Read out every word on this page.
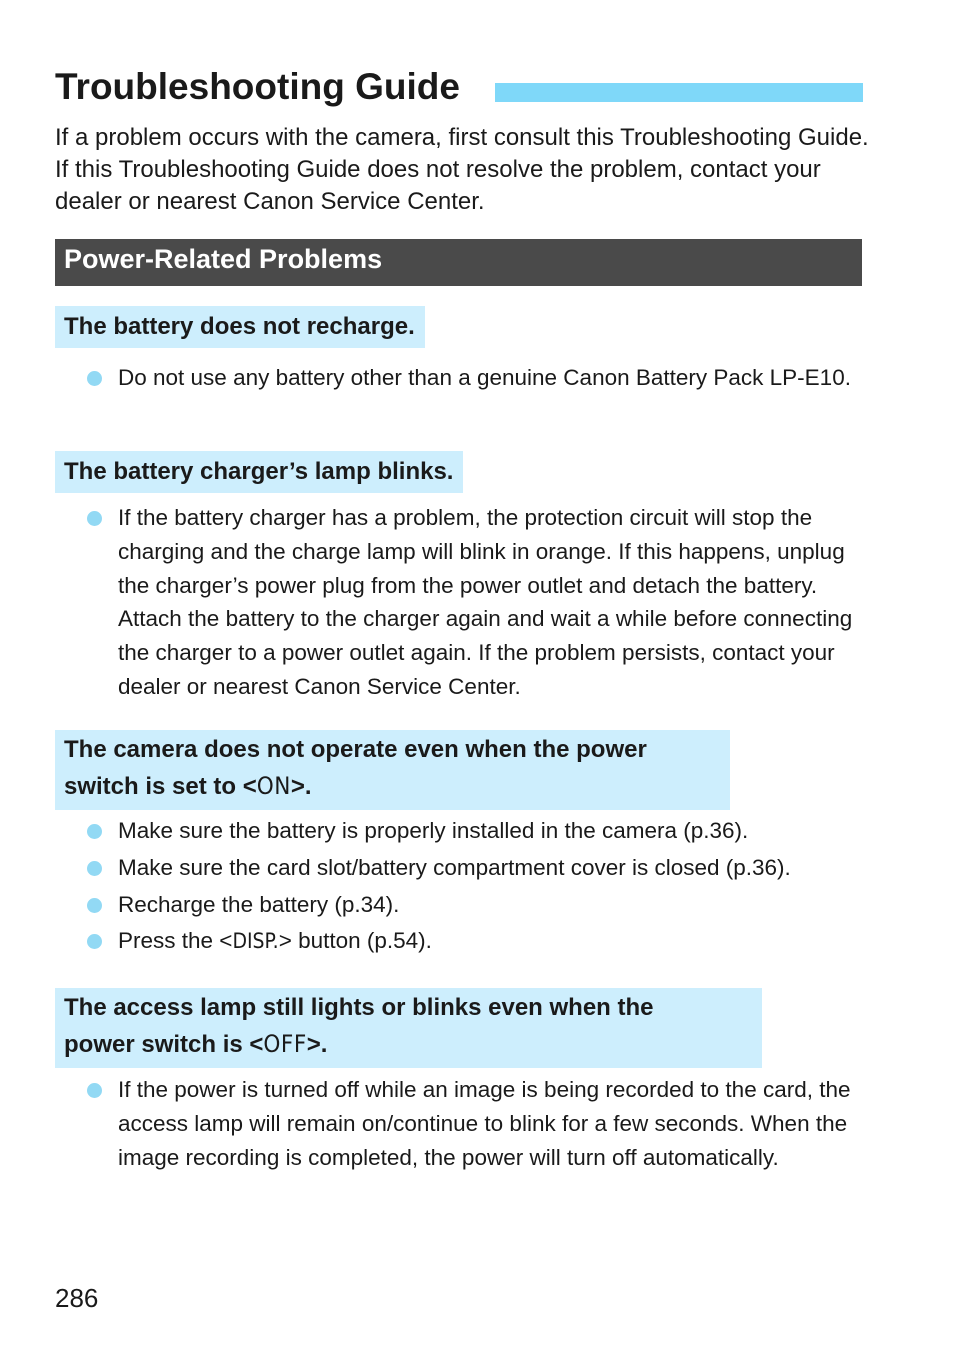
Troubleshooting Guide

If a problem occurs with the camera, first consult this Troubleshooting Guide. If this Troubleshooting Guide does not resolve the problem, contact your dealer or nearest Canon Service Center.

Power-Related Problems
The battery does not recharge.
Do not use any battery other than a genuine Canon Battery Pack LP-E10.
The battery charger’s lamp blinks.
If the battery charger has a problem, the protection circuit will stop the charging and the charge lamp will blink in orange. If this happens, unplug the charger’s power plug from the power outlet and detach the battery. Attach the battery to the charger again and wait a while before connecting the charger to a power outlet again. If the problem persists, contact your dealer or nearest Canon Service Center.
The camera does not operate even when the power
switch is set to <ON>.
Make sure the battery is properly installed in the camera (p.36).
Make sure the card slot/battery compartment cover is closed (p.36).
Recharge the battery (p.34).
Press the <DISP.> button (p.54).
The access lamp still lights or blinks even when the
power switch is <OFF>.
If the power is turned off while an image is being recorded to the card, the access lamp will remain on/continue to blink for a few seconds. When the image recording is completed, the power will turn off automatically.

286
